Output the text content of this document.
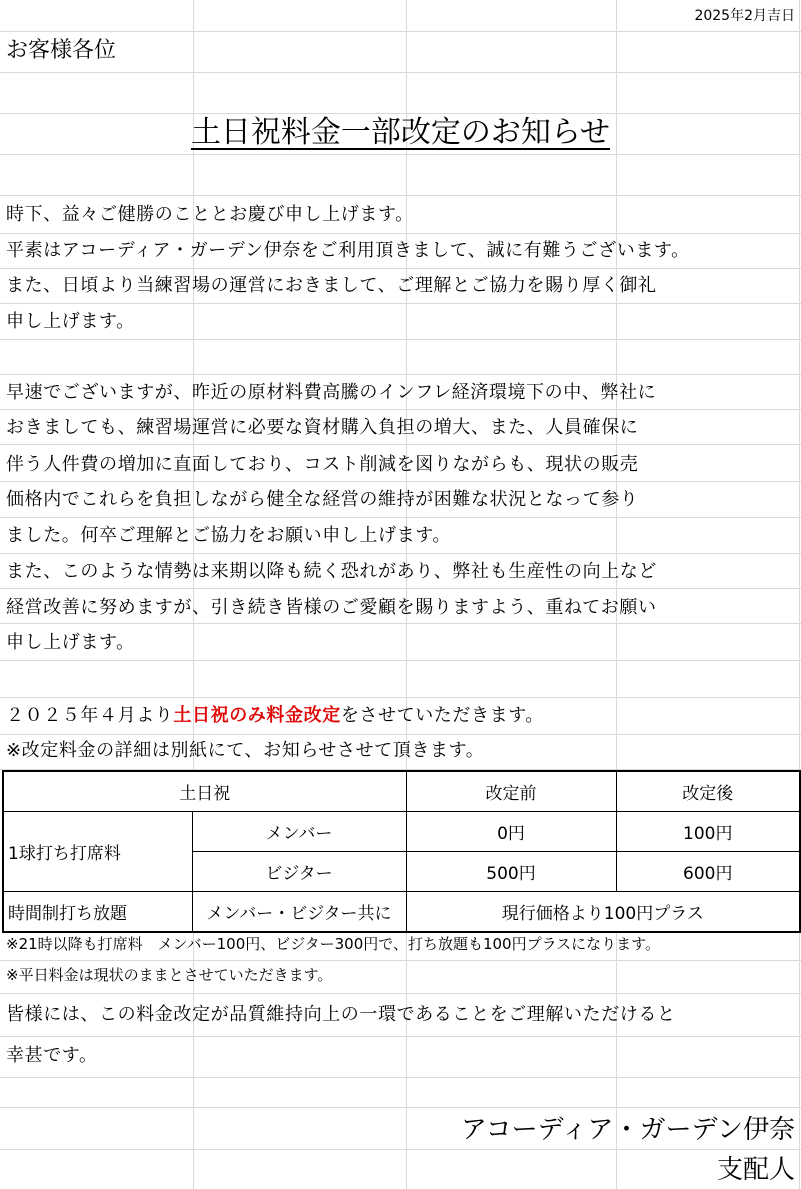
2025年2月吉日
お客様各位
土日祝料金一部改定のお知らせ
時下、益々ご健勝のこととお慶び申し上げます。
平素はアコーディア・ガーデン伊奈をご利用頂きまして、誠に有難うございます。
また、日頃より当練習場の運営におきまして、ご理解とご協力を賜り厚く御礼
申し上げます。
早速でございますが、昨近の原材料費高騰のインフレ経済環境下の中、弊社に
おきましても、練習場運営に必要な資材購入負担の増大、また、人員確保に
伴う人件費の増加に直面しており、コスト削減を図りながらも、現状の販売
価格内でこれらを負担しながら健全な経営の維持が困難な状況となって参り
ました。何卒ご理解とご協力をお願い申し上げます。
また、このような情勢は来期以降も続く恐れがあり、弊社も生産性の向上など
経営改善に努めますが、引き続き皆様のご愛顧を賜りますよう、重ねてお願い
申し上げます。
２０２５年４月より土日祝のみ料金改定をさせていただきます。
※改定料金の詳細は別紙にて、お知らせさせて頂きます。
土日祝		改定前	改定後
1球打ち打席料	メンバー	0円	100円
	ビジター	500円	600円
時間制打ち放題	メンバー・ビジター共に	現行価格より100円プラス	
※21時以降も打席料　メンバー100円、ビジター300円で、打ち放題も100円プラスになります。
※平日料金は現状のままとさせていただきます。
皆様には、この料金改定が品質維持向上の一環であることをご理解いただけると
幸甚です。
アコーディア・ガーデン伊奈
支配人
